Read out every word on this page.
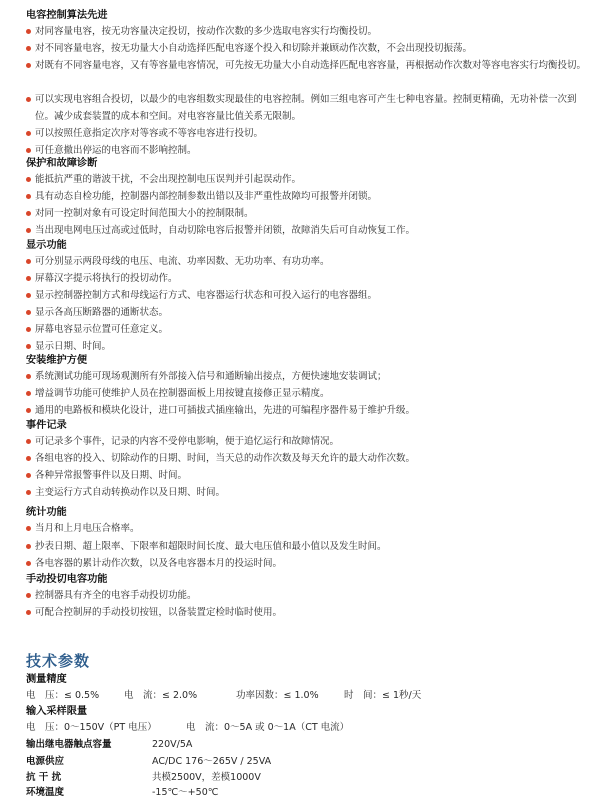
电容控制算法先进
对同容量电容，按无功容量决定投切，按动作次数的多少选取电容实行均衡投切。
对不同容量电容，按无功量大小自动选择匹配电容逐个投入和切除并兼顾动作次数，不会出现投切振荡。
对既有不同容量电容，又有等容量电容情况，可先按无功量大小自动选择匹配电容容量，再根据动作次数对等容电容实行均衡投切。
可以实现电容组合投切，以最少的电容组数实现最佳的电容控制。例如三组电容可产生七种电容量。控制更精确，无功补偿一次到位。减少成套装置的成本和空间。对电容容量比值关系无限制。
可以按照任意指定次序对等容或不等容电容进行投切。
可任意撤出停运的电容而不影响控制。
保护和故障诊断
能抵抗严重的谐波干扰，不会出现控制电压误判并引起误动作。
具有动态自检功能，控制器内部控制参数出错以及非严重性故障均可报警并闭锁。
对同一控制对象有可设定时间范围大小的控制限制。
当出现电网电压过高或过低时，自动切除电容后报警并闭锁，故障消失后可自动恢复工作。
显示功能
可分别显示两段母线的电压、电流、功率因数、无功功率、有功功率。
屏幕汉字提示将执行的投切动作。
显示控制器控制方式和母线运行方式、电容器运行状态和可投入运行的电容器组。
显示各高压断路器的通断状态。
屏幕电容显示位置可任意定义。
显示日期、时间。
安装维护方便
系统测试功能可现场观测所有外部接入信号和通断输出接点，方便快速地安装调试；
增益调节功能可使维护人员在控制器面板上用按键直接修正显示精度。
通用的电路板和模块化设计，进口可插拔式插座输出，先进的可编程序器件易于维护升级。
事件记录
可记录多个事件，记录的内容不受停电影响，便于追忆运行和故障情况。
各组电容的投入、切除动作的日期、时间，当天总的动作次数及每天允许的最大动作次数。
各种异常报警事件以及日期、时间。
主变运行方式自动转换动作以及日期、时间。
统计功能
当月和上月电压合格率。
抄表日期、超上限率、下限率和超限时间长度、最大电压值和最小值以及发生时间。
各电容器的累计动作次数，以及各电容器本月的投运时间。
手动投切电容功能
控制器具有齐全的电容手动投切功能。
可配合控制屏的手动投切按钮，以备装置定检时临时使用。
技术参数
测量精度
电　压：≤ 0.5%	电　流：≤ 2.0%	功率因数：≤ 1.0%	时　间：≤ 1秒/天
输入采样限量
电　压：0～150V（PT 电压）	电　流：0～5A 或 0～1A（CT 电流）
输出继电器触点容量	220V/5A
电源供应	AC/DC 176～265V / 25VA
抗 干 扰	共模2500V，差模1000V
环境温度	-15℃～+50℃
